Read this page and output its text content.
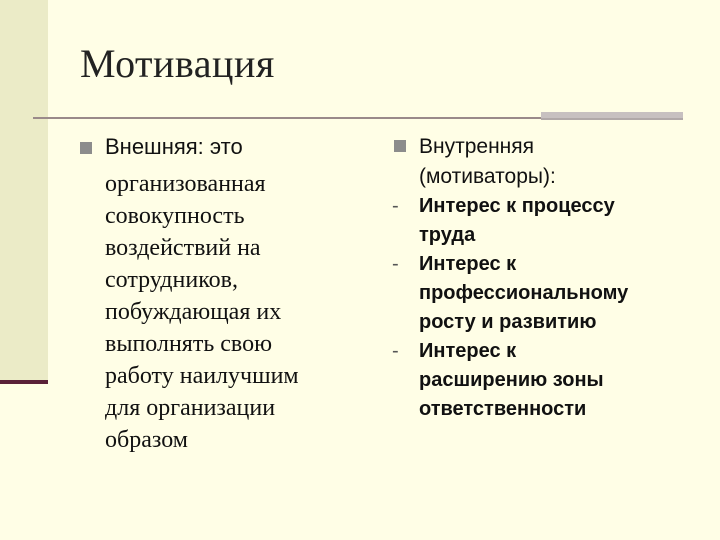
Мотивация
Внешняя: это
организованная
совокупность
воздействий на
сотрудников,
побуждающая их
выполнять свою
работу наилучшим
для организации
образом
Внутренняя
(мотиваторы):
- Интерес к процессу
труда
- Интерес к
профессиональному
росту и развитию
- Интерес к
расширению зоны
ответственности
